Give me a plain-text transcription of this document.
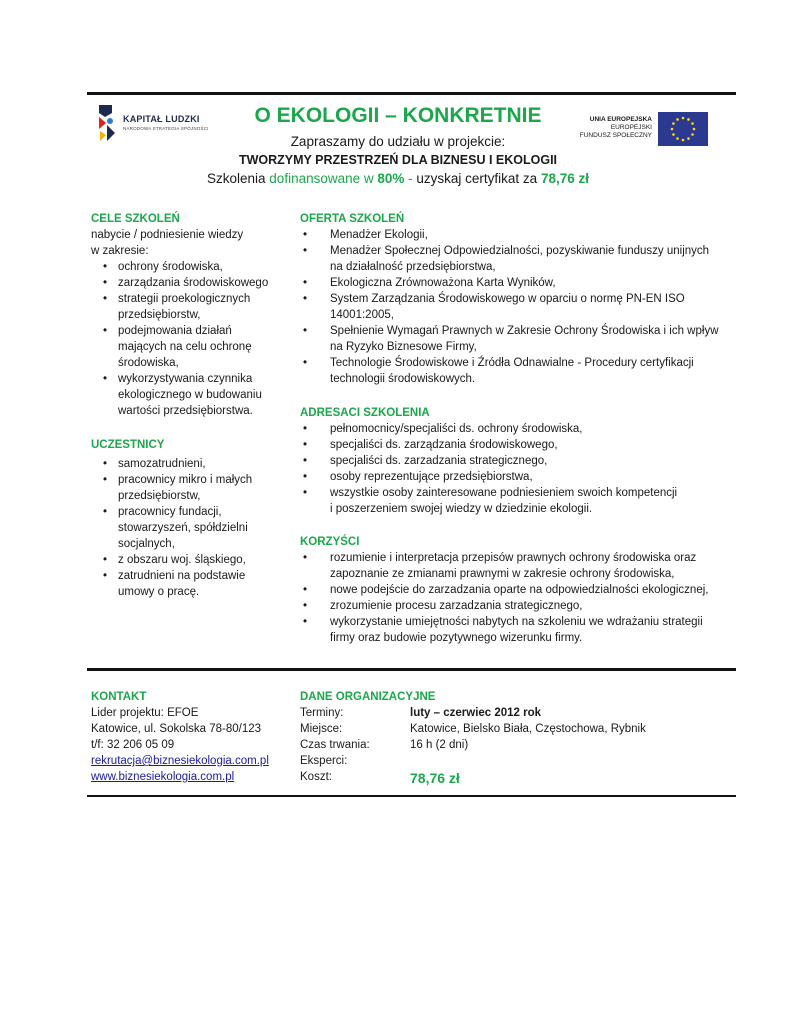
KAPITAŁ LUDZKI
NARODOWA STRATEGIA SPÓJNOŚCI
UNIA EUROPEJSKA
EUROPEJSKI
FUNDUSZ SPOŁECZNY
O EKOLOGII – KONKRETNIE
Zapraszamy do udziału w projekcie:
TWORZYMY PRZESTRZEŃ DLA BIZNESU I EKOLOGII
Szkolenia dofinansowane w 80% - uzyskaj certyfikat za 78,76 zł

CELE SZKOLEŃ

nabycie / podniesienie wiedzy

w zakresie:

• ochrony środowiska,
• zarządzania środowiskowego
• strategii proekologicznych
przedsiębiorstw,
• podejmowania działań
mających na celu ochronę
środowiska,
• wykorzystywania czynnika
ekologicznego w budowaniu
wartości przedsiębiorstwa.

UCZESTNICY

• samozatrudnieni,
• pracownicy mikro i małych
przedsiębiorstw,
• pracownicy fundacji,
stowarzyszeń, spółdzielni
socjalnych,
• z obszaru woj. śląskiego,
• zatrudnieni na podstawie
umowy o pracę.

OFERTA SZKOLEŃ

• Menadżer Ekologii,
• Menadżer Społecznej Odpowiedzialności, pozyskiwanie funduszy unijnych
na działalność przedsiębiorstwa,
• Ekologiczna Zrównoważona Karta Wyników,
• System Zarządzania Środowiskowego w oparciu o normę PN-EN ISO
14001:2005,
• Spełnienie Wymagań Prawnych w Zakresie Ochrony Środowiska i ich wpływ
na Ryzyko Biznesowe Firmy,
• Technologie Środowiskowe i Źródła Odnawialne - Procedury certyfikacji
technologii środowiskowych.

ADRESACI SZKOLENIA

• pełnomocnicy/specjaliści ds. ochrony środowiska,
• specjaliści ds. zarządzania środowiskowego,
• specjaliści ds. zarzadzania strategicznego,
• osoby reprezentujące przedsiębiorstwa,
• wszystkie osoby zainteresowane podniesieniem swoich kompetencji
i poszerzeniem swojej wiedzy w dziedzinie ekologii.

KORZYŚCI

• rozumienie i interpretacja przepisów prawnych ochrony środowiska oraz
zapoznanie ze zmianami prawnymi w zakresie ochrony środowiska,
• nowe podejście do zarzadzania oparte na odpowiedzialności ekologicznej,
• zrozumienie procesu zarzadzania strategicznego,
• wykorzystanie umiejętności nabytych na szkoleniu we wdrażaniu strategii
firmy oraz budowie pozytywnego wizerunku firmy.

KONTAKT

Lider projektu: EFOE

Katowice, ul. Sokolska 78-80/123

t/f: 32 206 05 09

rekrutacja@biznesiekologia.com.pl

www.biznesiekologia.com.pl

DANE ORGANIZACYJNE

Terminy:	luty – czerwiec 2012 rok
Miejsce:	Katowice, Bielsko Biała, Częstochowa, Rybnik
Czas trwania:	16 h (2 dni)
Eksperci:
Koszt:	78,76 zł
